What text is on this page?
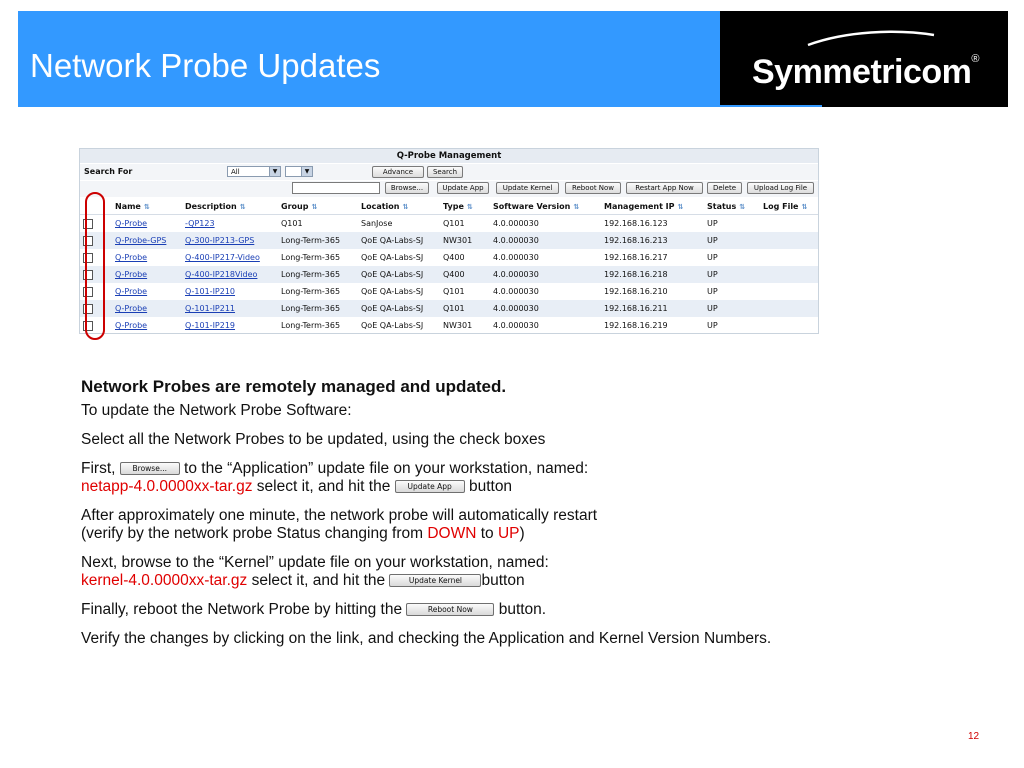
Network Probe Updates	Symmetricom®
Q-Probe Management
Search For	All	▼	▼	Advance	Search
Browse...	Update App	Update Kernel	Reboot Now	Restart App Now	Delete	Upload Log File
	Name ⇅	Description ⇅	Group ⇅	Location ⇅	Type ⇅	Software Version ⇅	Management IP ⇅	Status ⇅	Log File ⇅
	Q-Probe	-QP123	Q101	SanJose	Q101	4.0.000030	192.168.16.123	UP	
	Q-Probe-GPS	Q-300-IP213-GPS	Long-Term-365	QoE QA-Labs-SJ	NW301	4.0.000030	192.168.16.213	UP	
	Q-Probe	Q-400-IP217-Video	Long-Term-365	QoE QA-Labs-SJ	Q400	4.0.000030	192.168.16.217	UP	
	Q-Probe	Q-400-IP218Video	Long-Term-365	QoE QA-Labs-SJ	Q400	4.0.000030	192.168.16.218	UP	
	Q-Probe	Q-101-IP210	Long-Term-365	QoE QA-Labs-SJ	Q101	4.0.000030	192.168.16.210	UP	
	Q-Probe	Q-101-IP211	Long-Term-365	QoE QA-Labs-SJ	Q101	4.0.000030	192.168.16.211	UP	
	Q-Probe	Q-101-IP219	Long-Term-365	QoE QA-Labs-SJ	NW301	4.0.000030	192.168.16.219	UP	

Network Probes are remotely managed and updated.

To update the Network Probe Software:

Select all the Network Probes to be updated, using the check boxes

First, Browse... to the “Application” update file on your workstation, named:

netapp-4.0.0000xx-tar.gz select it, and hit the Update App button

After approximately one minute, the network probe will automatically restart

(verify by the network probe Status changing from DOWN to UP)

Next, browse to the “Kernel” update file on your workstation, named:

kernel-4.0.0000xx-tar.gz select it, and hit the	Update Kernel button

Finally, reboot the Network Probe by hitting the	Reboot Now button.

Verify the changes by clicking on the link, and checking the Application and Kernel Version Numbers.

12
